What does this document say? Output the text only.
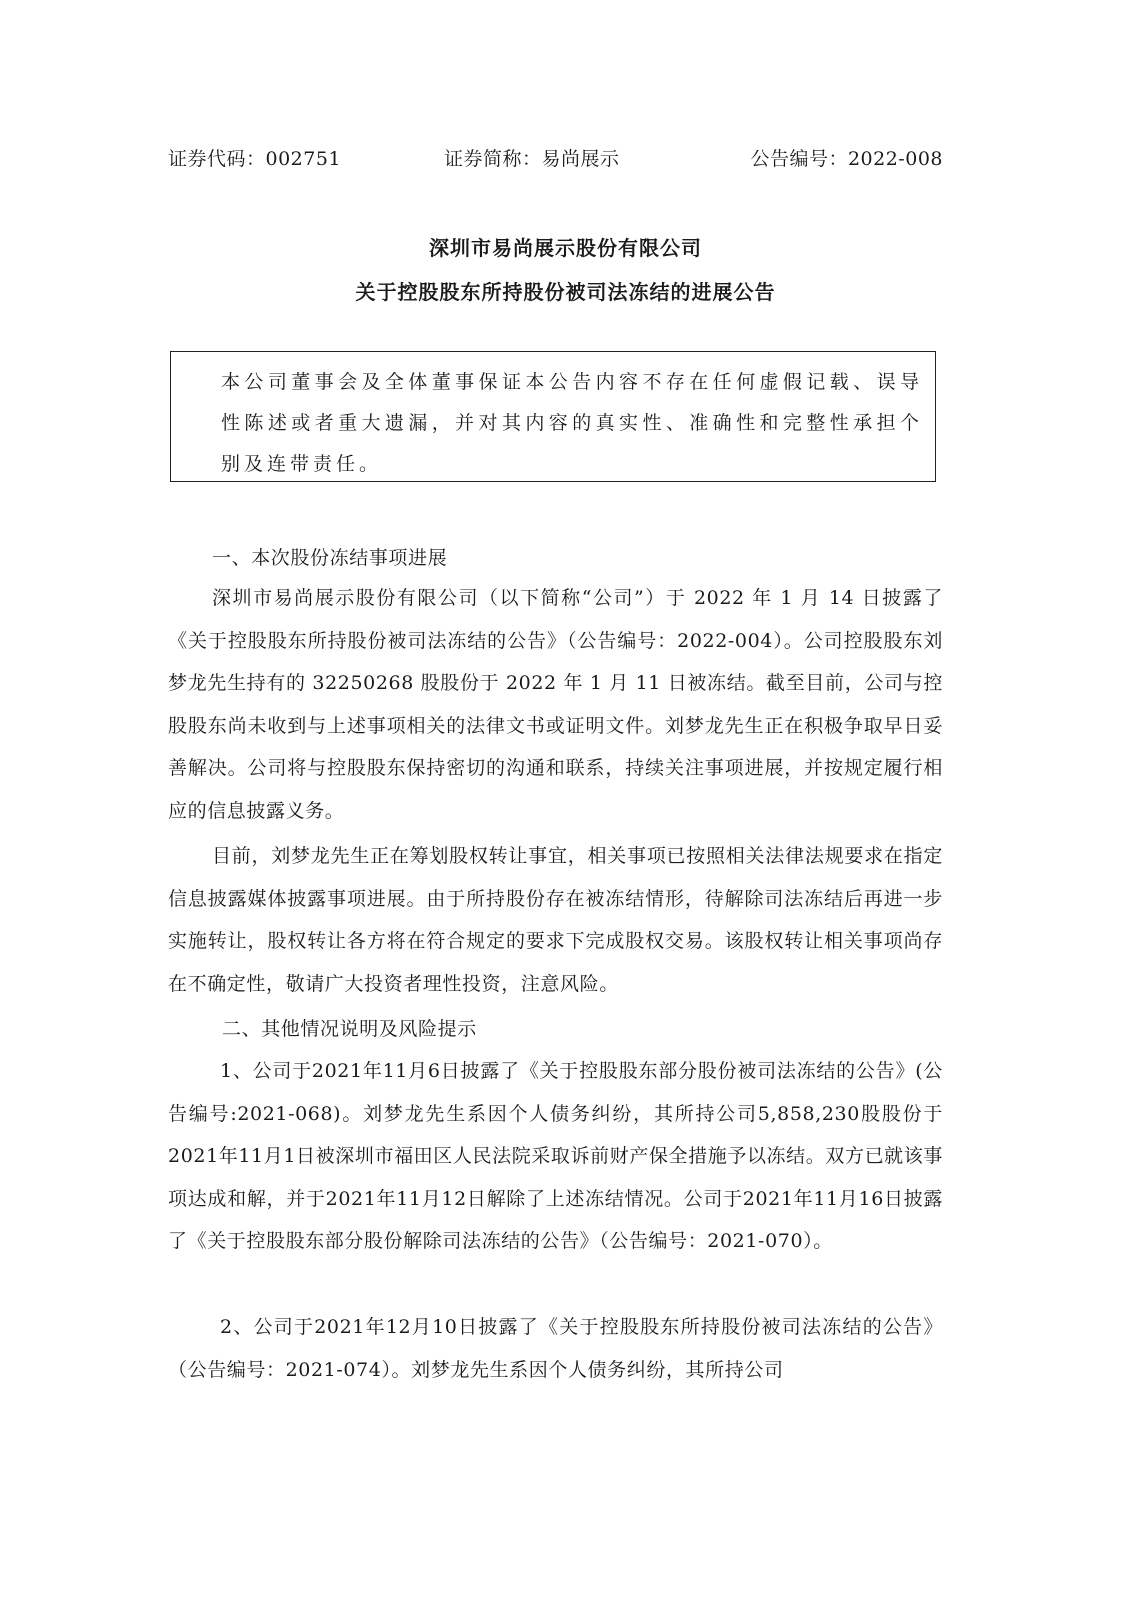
证券代码：002751	证券简称：易尚展示	公告编号：2022-008
深圳市易尚展示股份有限公司
关于控股股东所持股份被司法冻结的进展公告
本公司董事会及全体董事保证本公告内容不存在任何虚假记载、误导性陈述或者重大遗漏，并对其内容的真实性、准确性和完整性承担个别及连带责任。
一、本次股份冻结事项进展

深圳市易尚展示股份有限公司（以下简称“公司”）于 2022 年 1 月 14 日披露了《关于控股股东所持股份被司法冻结的公告》（公告编号：2022-004）。公司控股股东刘梦龙先生持有的 32250268 股股份于 2022 年 1 月 11 日被冻结。截至目前，公司与控股股东尚未收到与上述事项相关的法律文书或证明文件。刘梦龙先生正在积极争取早日妥善解决。公司将与控股股东保持密切的沟通和联系，持续关注事项进展，并按规定履行相应的信息披露义务。

目前，刘梦龙先生正在筹划股权转让事宜，相关事项已按照相关法律法规要求在指定信息披露媒体披露事项进展。由于所持股份存在被冻结情形，待解除司法冻结后再进一步实施转让，股权转让各方将在符合规定的要求下完成股权交易。该股权转让相关事项尚存在不确定性，敬请广大投资者理性投资，注意风险。

二、其他情况说明及风险提示

1、公司于2021年11月6日披露了《关于控股股东部分股份被司法冻结的公告》(公告编号:2021-068)。刘梦龙先生系因个人债务纠纷，其所持公司5,858,230股股份于2021年11月1日被深圳市福田区人民法院采取诉前财产保全措施予以冻结。双方已就该事项达成和解，并于2021年11月12日解除了上述冻结情况。公司于2021年11月16日披露了《关于控股股东部分股份解除司法冻结的公告》（公告编号：2021-070）。

2、公司于2021年12月10日披露了《关于控股股东所持股份被司法冻结的公告》（公告编号：2021-074）。刘梦龙先生系因个人债务纠纷，其所持公司
